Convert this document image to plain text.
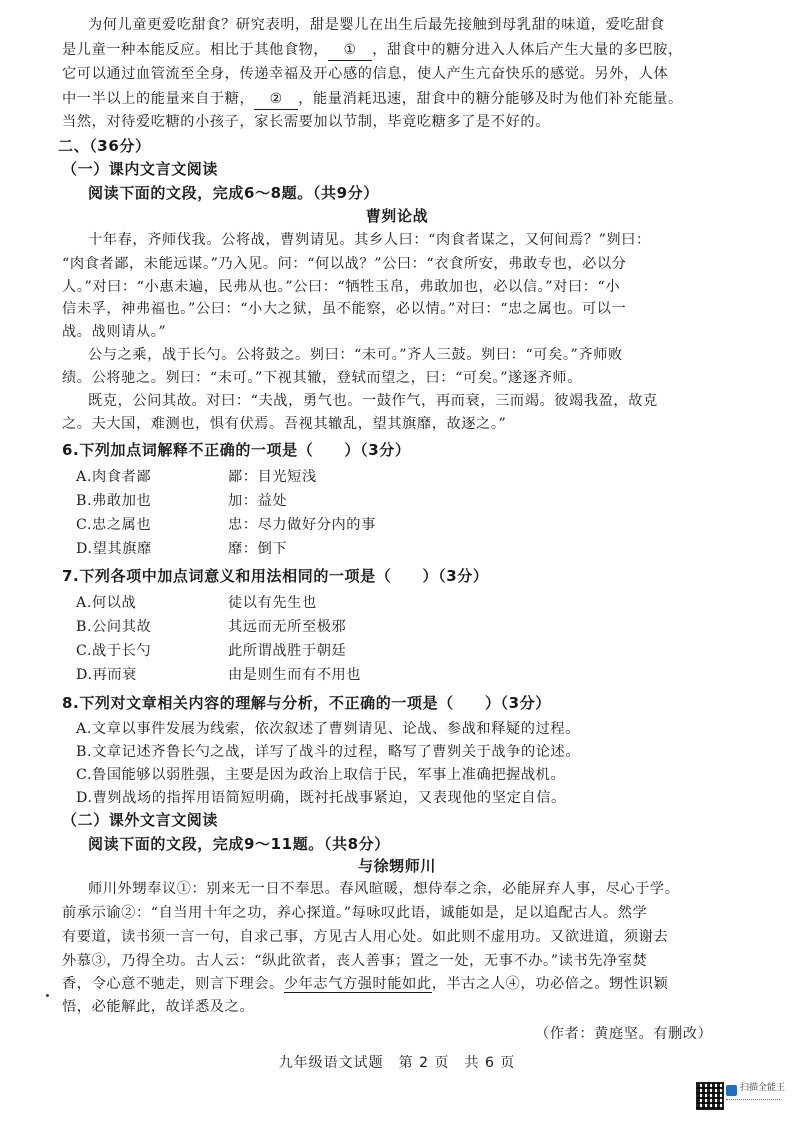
为何儿童更爱吃甜食？研究表明，甜是婴儿在出生后最先接触到母乳甜的味道，爱吃甜食
是儿童一种本能反应。相比于其他食物， ① ，甜食中的糖分进入人体后产生大量的多巴胺，
它可以通过血管流至全身，传递幸福及开心感的信息，使人产生亢奋快乐的感觉。另外，人体
中一半以上的能量来自于糖， ② ，能量消耗迅速，甜食中的糖分能够及时为他们补充能量。
当然，对待爱吃糖的小孩子，家长需要加以节制，毕竟吃糖多了是不好的。
二、（36分）
（一）课内文言文阅读
阅读下面的文段，完成6～8题。（共9分）
曹刿论战
十年春，齐师伐我。公将战，曹刿请见。其乡人曰：“肉食者谋之，又何间焉？”刿曰：
“肉食者鄙，未能远谋。”乃入见。问：“何以战？”公曰：“衣食所安，弗敢专也，必以分
人。”对曰：“小惠未遍，民弗从也。”公曰：“牺牲玉帛，弗敢加也，必以信。”对曰：“小
信未孚，神弗福也。”公曰：“小大之狱，虽不能察，必以情。”对曰：“忠之属也。可以一
战。战则请从。”
公与之乘，战于长勺。公将鼓之。刿曰：“未可。”齐人三鼓。刿曰：“可矣。”齐师败
绩。公将驰之。刿曰：“未可。”下视其辙，登轼而望之，曰：“可矣。”遂逐齐师。
既克，公问其故。对曰：“夫战，勇气也。一鼓作气，再而衰，三而竭。彼竭我盈，故克
之。夫大国，难测也，惧有伏焉。吾视其辙乱，望其旗靡，故逐之。”
6.下列加点词解释不正确的一项是（　　）（3分）
A.肉食者鄙	鄙：目光短浅
B.弗敢加也	加：益处
C.忠之属也	忠：尽力做好分内的事
D.望其旗靡	靡：倒下
7.下列各项中加点词意义和用法相同的一项是（　　）（3分）
A.何以战	徒以有先生也
B.公问其故	其远而无所至极邪
C.战于长勺	此所谓战胜于朝廷
D.再而衰	由是则生而有不用也
8.下列对文章相关内容的理解与分析，不正确的一项是（　　）（3分）
A.文章以事件发展为线索，依次叙述了曹刿请见、论战、参战和释疑的过程。
B.文章记述齐鲁长勺之战，详写了战斗的过程，略写了曹刿关于战争的论述。
C.鲁国能够以弱胜强，主要是因为政治上取信于民，军事上准确把握战机。
D.曹刿战场的指挥用语简短明确，既衬托战事紧迫，又表现他的坚定自信。
（二）课外文言文阅读
阅读下面的文段，完成9～11题。（共8分）
与徐甥师川
师川外甥奉议①：别来无一日不奉思。春风暄暖，想侍奉之余，必能屏弃人事，尽心于学。
前承示谕②：“自当用十年之功，养心探道。”每咏叹此语，诚能如是，足以追配古人。然学
有要道，读书须一言一句，自求己事，方见古人用心处。如此则不虚用功。又欲进道，须谢去
外慕③，乃得全功。古人云：“纵此欲者，丧人善事；置之一处，无事不办。”读书先净室焚
香，令心意不驰走，则言下理会。少年志气方强时能如此，半古之人④，功必倍之。甥性识颖
悟，必能解此，故详悉及之。
（作者：黄庭坚。有删改）
九年级语文试题　第 2 页　共 6 页
扫描全能王
